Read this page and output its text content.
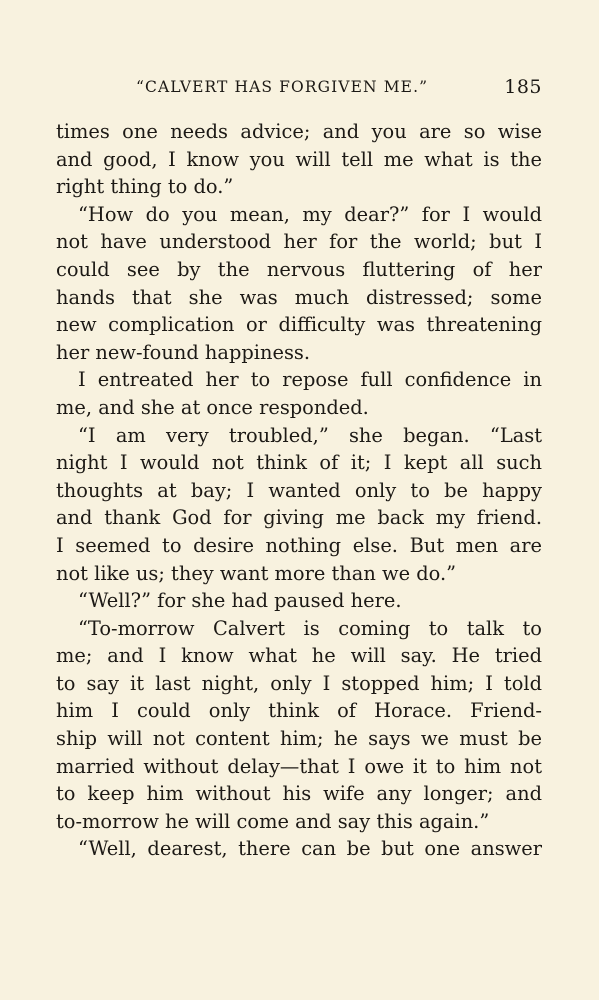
“CALVERT HAS FORGIVEN ME.”	185
times one needs advice; and you are so wise
and good, I know you will tell me what is the
right thing to do.”
“How do you mean, my dear?” for I would
not have understood her for the world; but I
could see by the nervous fluttering of her
hands that she was much distressed; some
new complication or difficulty was threatening
her new-found happiness.
I entreated her to repose full confidence in
me, and she at once responded.
“I am very troubled,” she began. “Last
night I would not think of it; I kept all such
thoughts at bay; I wanted only to be happy
and thank God for giving me back my friend.
I seemed to desire nothing else. But men are
not like us; they want more than we do.”
“Well?” for she had paused here.
“To-morrow Calvert is coming to talk to
me; and I know what he will say. He tried
to say it last night, only I stopped him; I told
him I could only think of Horace. Friend-
ship will not content him; he says we must be
married without delay—that I owe it to him not
to keep him without his wife any longer; and
to-morrow he will come and say this again.”
“Well, dearest, there can be but one answer
